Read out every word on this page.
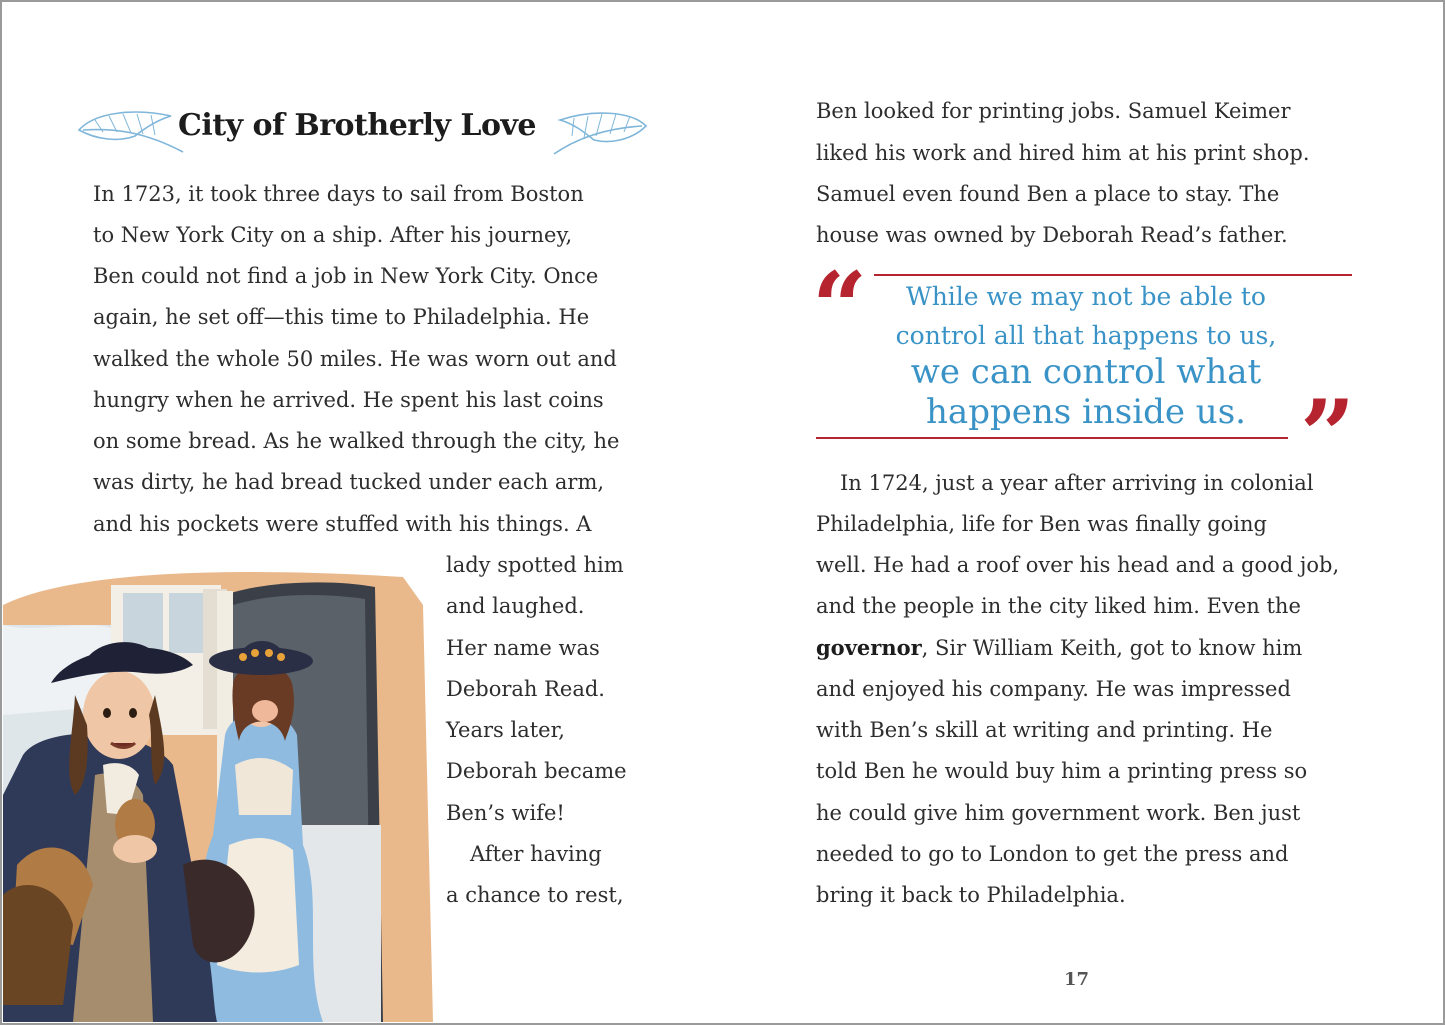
City of Brotherly Love
In 1723, it took three days to sail from Boston
to New York City on a ship. After his journey,
Ben could not find a job in New York City. Once
again, he set off—this time to Philadelphia. He
walked the whole 50 miles. He was worn out and
hungry when he arrived. He spent his last coins
on some bread. As he walked through the city, he
was dirty, he had bread tucked under each arm,
and his pockets were stuffed with his things. A
lady spotted him
and laughed.
Her name was
Deborah Read.
Years later,
Deborah became
Ben’s wife!
After having
a chance to rest,
Ben looked for printing jobs. Samuel Keimer
liked his work and hired him at his print shop.
Samuel even found Ben a place to stay. The
house was owned by Deborah Read’s father.
“	While we may not be able to
control all that happens to us,
we can control what
happens inside us. ”
In 1724, just a year after arriving in colonial
Philadelphia, life for Ben was finally going
well. He had a roof over his head and a good job,
and the people in the city liked him. Even the
governor, Sir William Keith, got to know him
and enjoyed his company. He was impressed
with Ben’s skill at writing and printing. He
told Ben he would buy him a printing press so
he could give him government work. Ben just
needed to go to London to get the press and
bring it back to Philadelphia.
17
